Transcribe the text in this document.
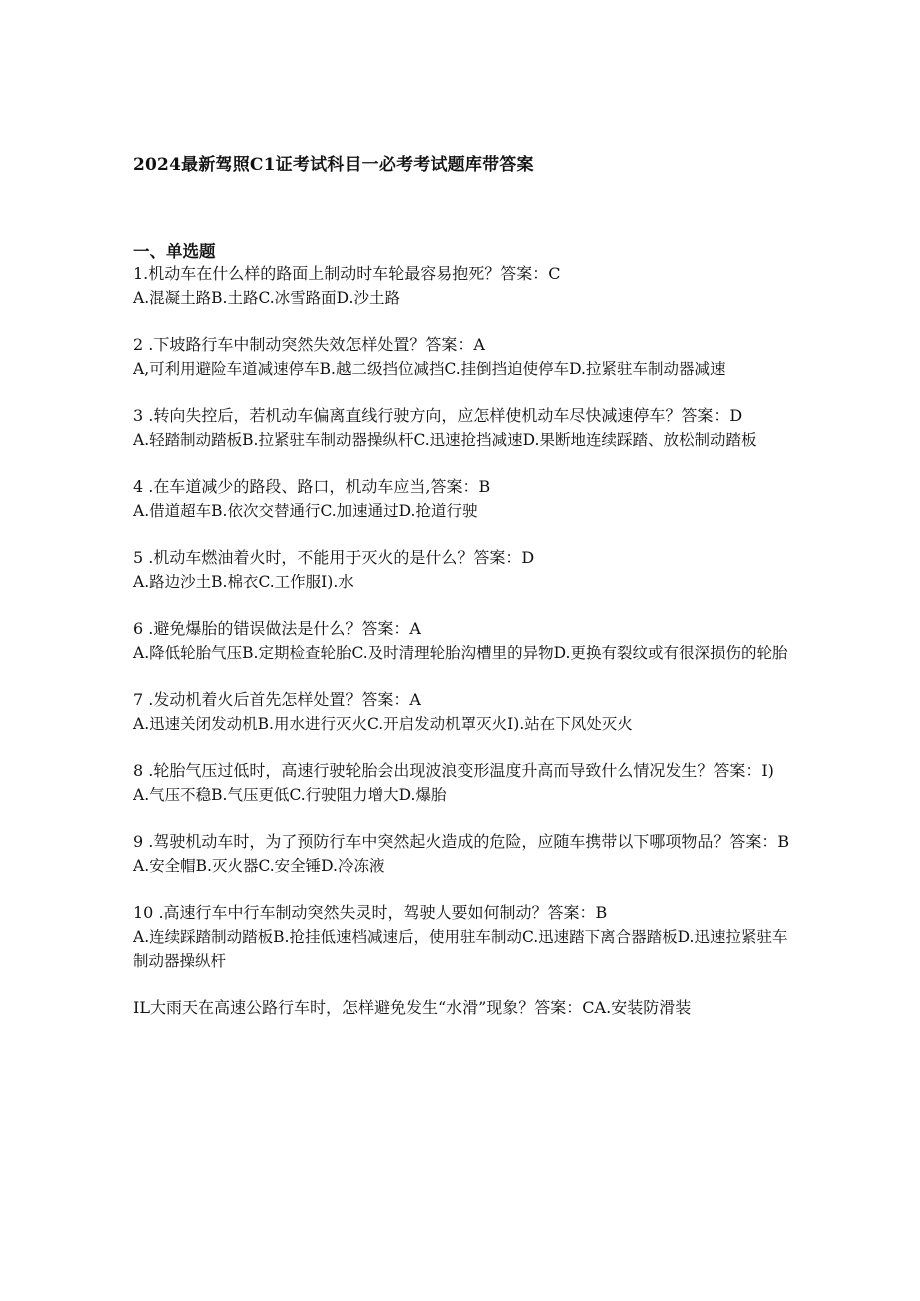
2024最新驾照C1证考试科目一必考考试题库带答案
一、单选题
1.机动车在什么样的路面上制动时车轮最容易抱死？答案：C
A.混凝土路B.土路C.冰雪路面D.沙土路
2 .下坡路行车中制动突然失效怎样处置？答案：A
A,可利用避险车道减速停车B.越二级挡位减挡C.挂倒挡迫使停车D.拉紧驻车制动器减速
3 .转向失控后，若机动车偏离直线行驶方向，应怎样使机动车尽快减速停车？答案：D
A.轻踏制动踏板B.拉紧驻车制动器操纵杆C.迅速抢挡减速D.果断地连续踩踏、放松制动踏板
4 .在车道减少的路段、路口，机动车应当,答案：B
A.借道超车B.依次交替通行C.加速通过D.抢道行驶
5 .机动车燃油着火时，不能用于灭火的是什么？答案：D
A.路边沙土B.棉衣C.工作服I).水
6 .避免爆胎的错误做法是什么？答案：A
A.降低轮胎气压B.定期检查轮胎C.及时清理轮胎沟槽里的异物D.更换有裂纹或有很深损伤的轮胎
7 .发动机着火后首先怎样处置？答案：A
A.迅速关闭发动机B.用水进行灭火C.开启发动机罩灭火I).站在下风处灭火
8 .轮胎气压过低时，高速行驶轮胎会出现波浪变形温度升高而导致什么情况发生？答案：I)
A.气压不稳B.气压更低C.行驶阻力增大D.爆胎
9 .驾驶机动车时，为了预防行车中突然起火造成的危险，应随车携带以下哪项物品？答案：B
A.安全帽B.灭火器C.安全锤D.冷冻液
10 .高速行车中行车制动突然失灵时，驾驶人要如何制动？答案：B
A.连续踩踏制动踏板B.抢挂低速档减速后，使用驻车制动C.迅速踏下离合器踏板D.迅速拉紧驻车制动器操纵杆
IL大雨天在高速公路行车时，怎样避免发生“水滑”现象？答案：CA.安装防滑装
